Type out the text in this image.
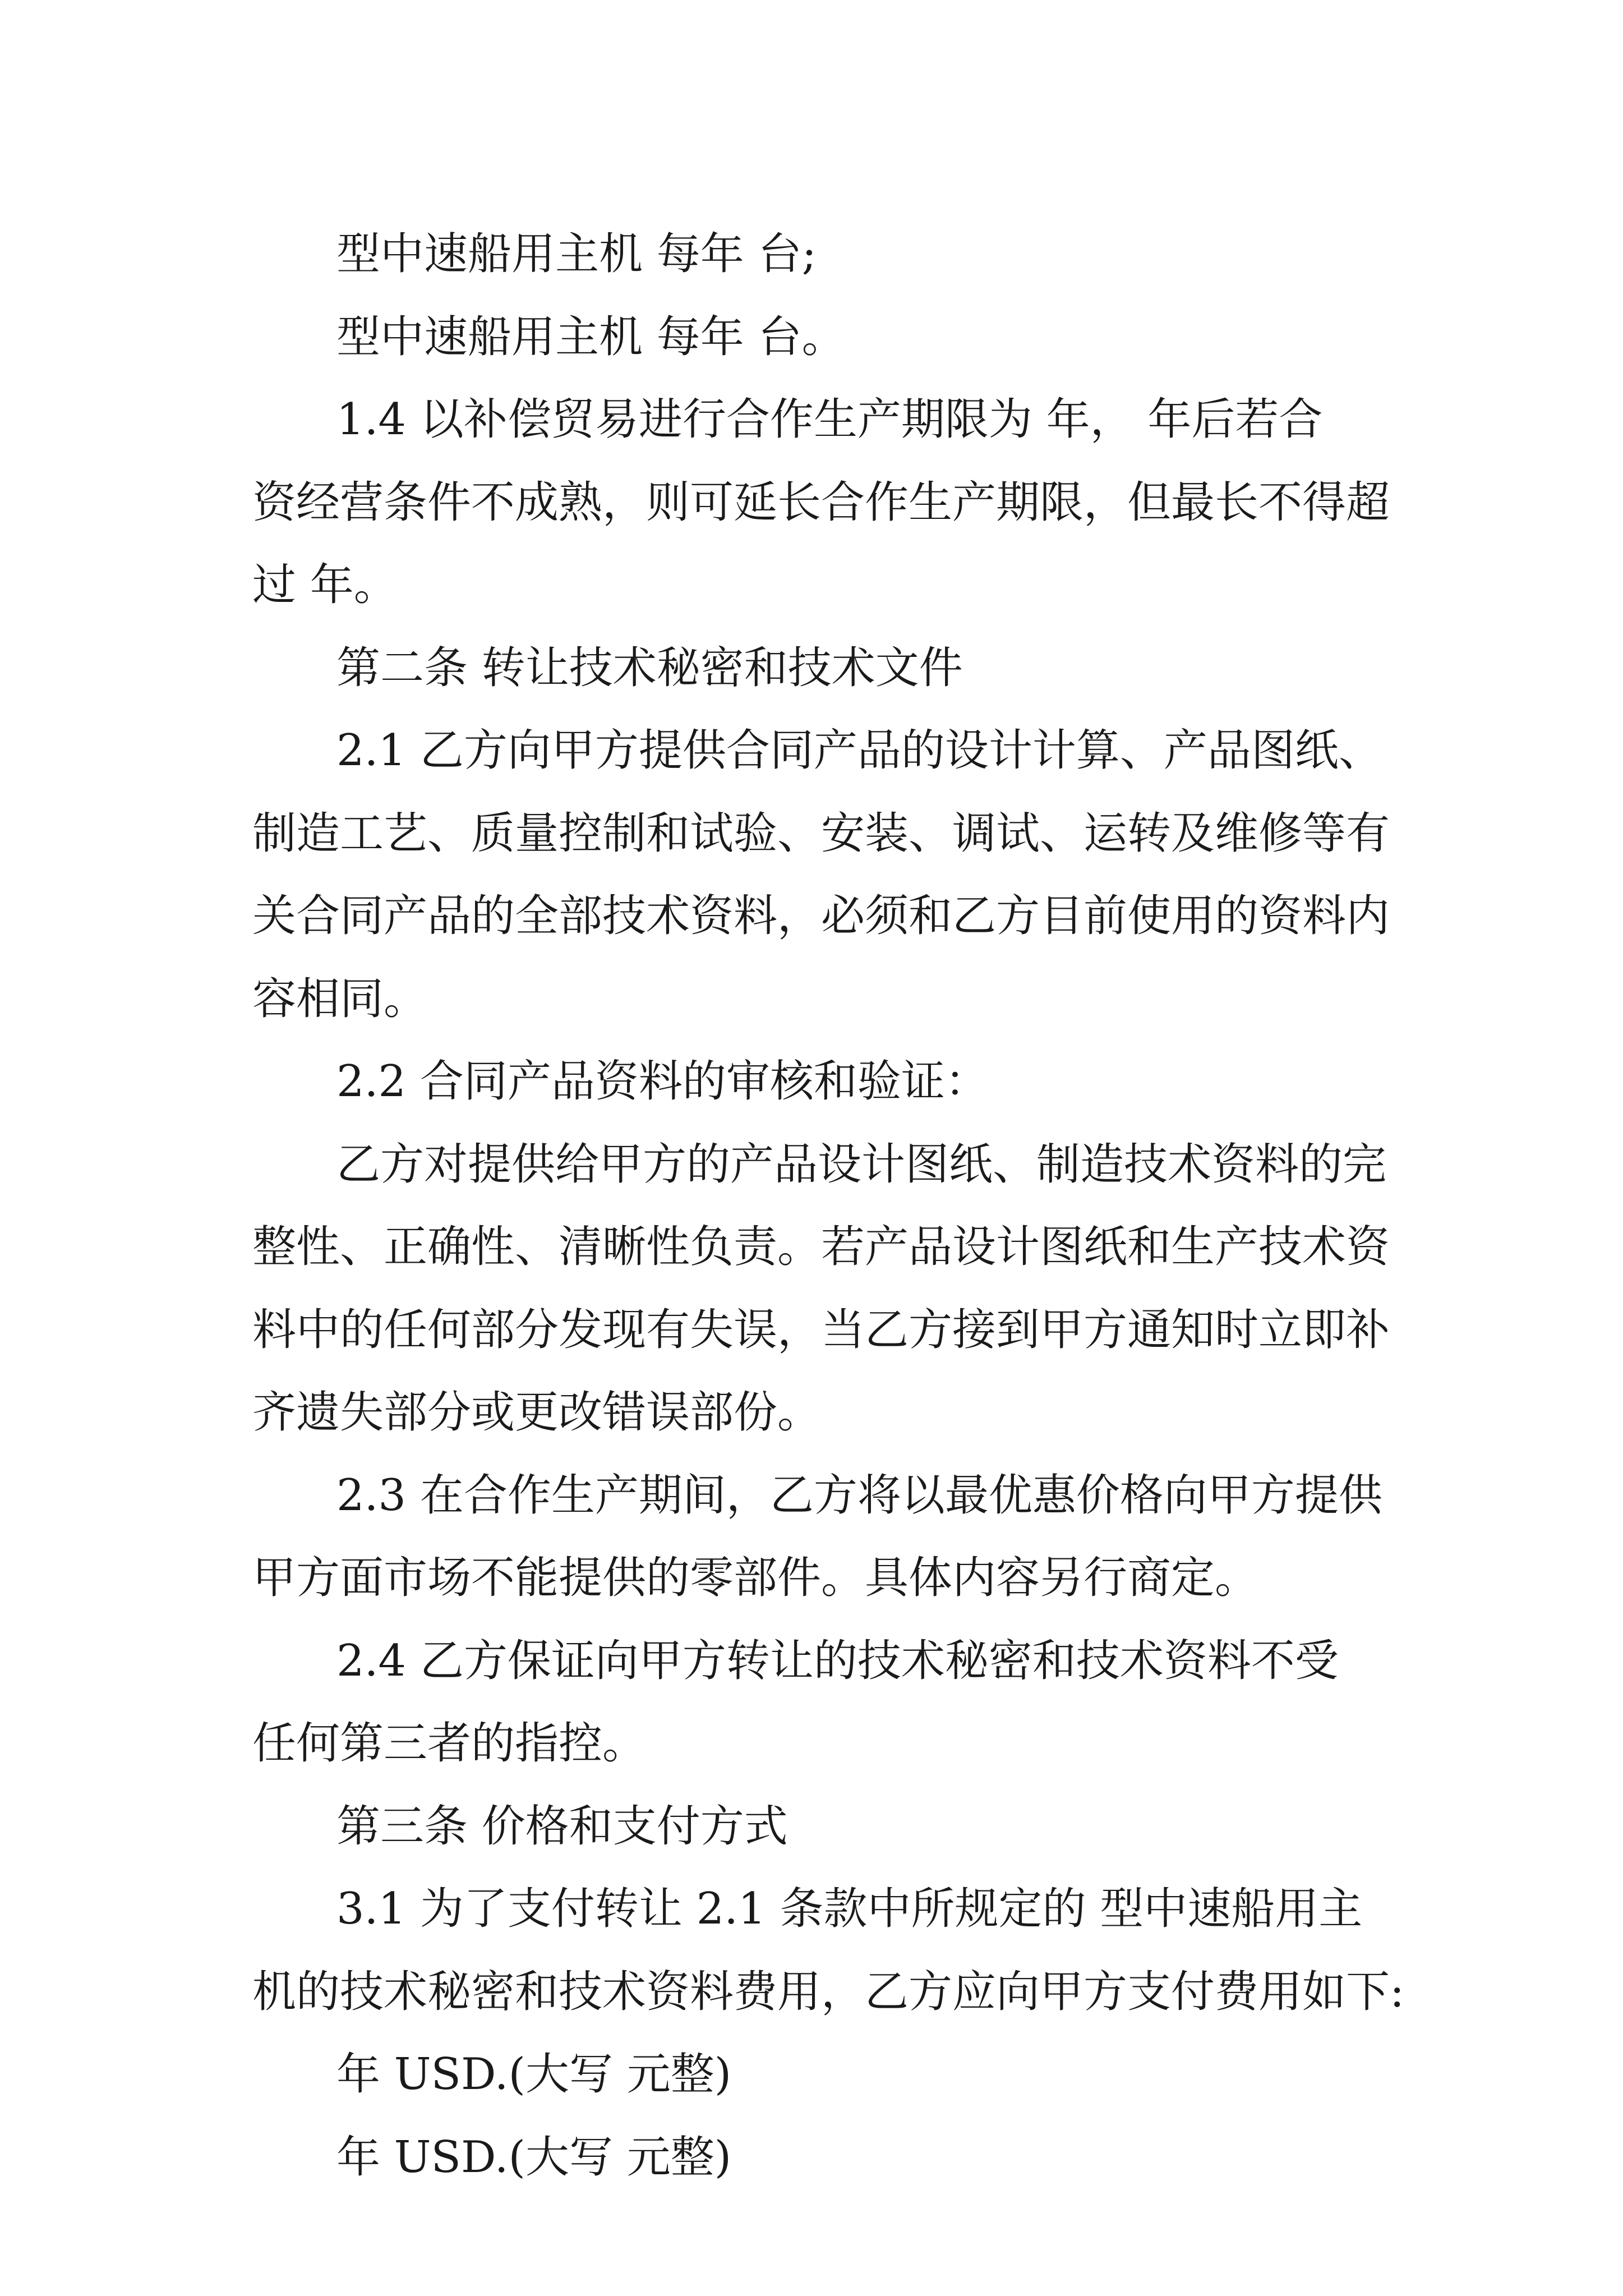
型中速船用主机 每年 台;
型中速船用主机 每年 台。
1.4 以补偿贸易进行合作生产期限为 年， 年后若合
资经营条件不成熟，则可延长合作生产期限，但最长不得超
过 年。
第二条 转让技术秘密和技术文件
2.1 乙方向甲方提供合同产品的设计计算、产品图纸、
制造工艺、质量控制和试验、安装、调试、运转及维修等有
关合同产品的全部技术资料，必须和乙方目前使用的资料内
容相同。
2.2 合同产品资料的审核和验证：
乙方对提供给甲方的产品设计图纸、制造技术资料的完
整性、正确性、清晰性负责。若产品设计图纸和生产技术资
料中的任何部分发现有失误，当乙方接到甲方通知时立即补
齐遗失部分或更改错误部份。
2.3 在合作生产期间，乙方将以最优惠价格向甲方提供
甲方面市场不能提供的零部件。具体内容另行商定。
2.4 乙方保证向甲方转让的技术秘密和技术资料不受
任何第三者的指控。
第三条 价格和支付方式
3.1 为了支付转让 2.1 条款中所规定的 型中速船用主
机的技术秘密和技术资料费用，乙方应向甲方支付费用如下:
年 USD.(大写 元整)
年 USD.(大写 元整)
